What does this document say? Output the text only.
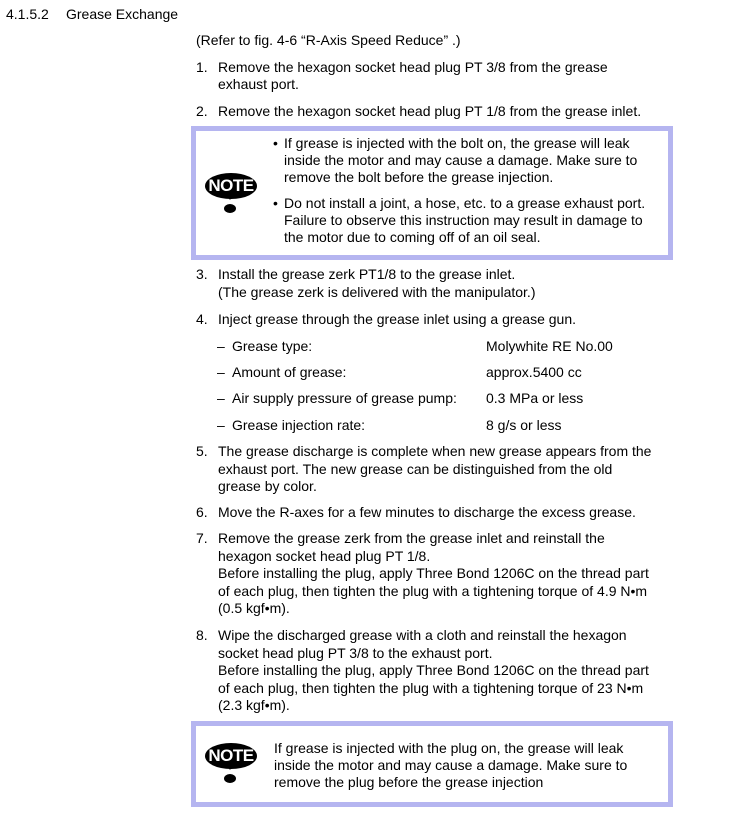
4.1.5.2 Grease Exchange
(Refer to fig. 4-6 “R-Axis Speed Reduce” .)
1. Remove the hexagon socket head plug PT 3/8 from the grease
exhaust port.
2. Remove the hexagon socket head plug PT 1/8 from the grease inlet.
NOTE
• If grease is injected with the bolt on, the grease will leak
inside the motor and may cause a damage. Make sure to
remove the bolt before the grease injection.
• Do not install a joint, a hose, etc. to a grease exhaust port.
Failure to observe this instruction may result in damage to
the motor due to coming off of an oil seal.
3. Install the grease zerk PT1/8 to the grease inlet.
(The grease zerk is delivered with the manipulator.)
4. Inject grease through the grease inlet using a grease gun.
– Grease type:	Molywhite RE No.00
– Amount of grease:	approx.5400 cc
– Air supply pressure of grease pump: 0.3 MPa or less
– Grease injection rate:	8 g/s or less
5. The grease discharge is complete when new grease appears from the
exhaust port. The new grease can be distinguished from the old
grease by color.
6. Move the R-axes for a few minutes to discharge the excess grease.
7. Remove the grease zerk from the grease inlet and reinstall the
hexagon socket head plug PT 1/8.
Before installing the plug, apply Three Bond 1206C on the thread part
of each plug, then tighten the plug with a tightening torque of 4.9 N•m
(0.5 kgf•m).
8. Wipe the discharged grease with a cloth and reinstall the hexagon
socket head plug PT 3/8 to the exhaust port.
Before installing the plug, apply Three Bond 1206C on the thread part
of each plug, then tighten the plug with a tightening torque of 23 N•m
(2.3 kgf•m).
NOTE If grease is injected with the plug on, the grease will leak
inside the motor and may cause a damage. Make sure to
remove the plug before the grease injection
